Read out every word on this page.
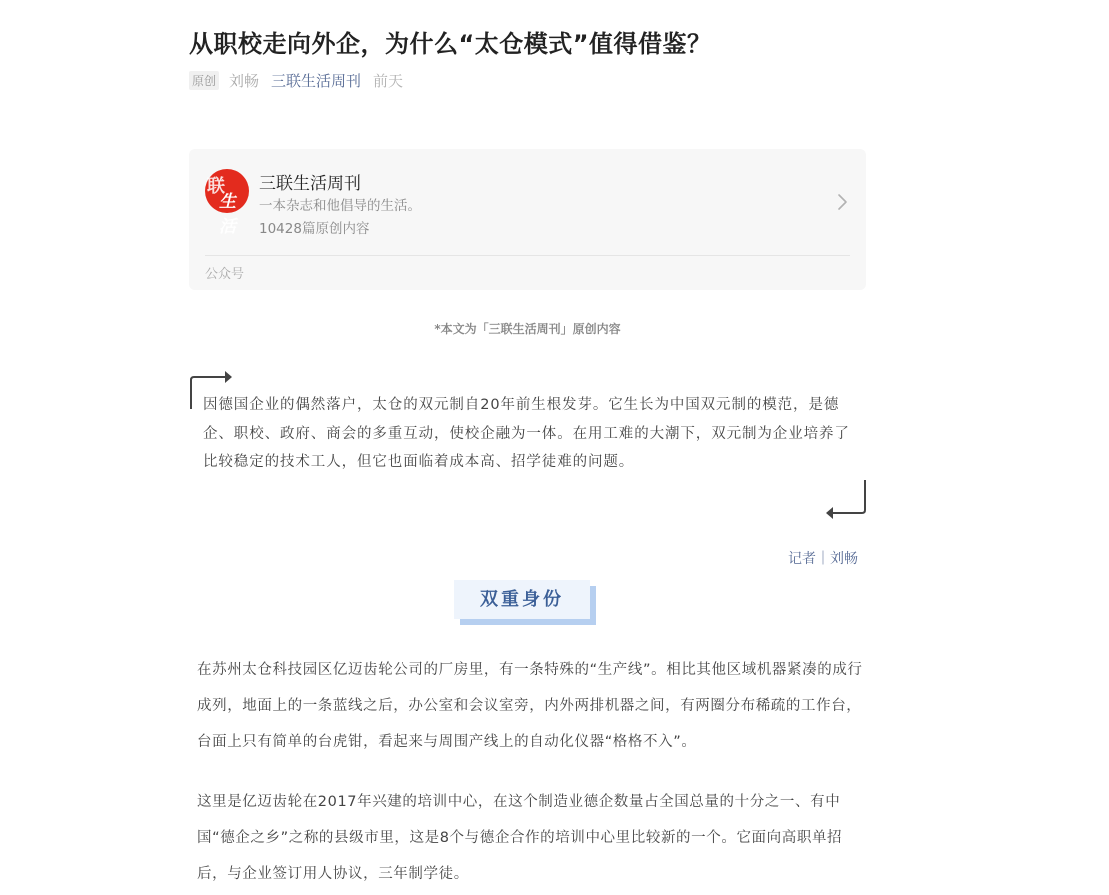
从职校走向外企，为什么“太仓模式”值得借鉴？
原创 刘畅 三联生活周刊 前天
联
生活
三联生活周刊
一本杂志和他倡导的生活。
10428篇原创内容
公众号
*本文为「三联生活周刊」原创内容

因德国企业的偶然落户，太仓的双元制自20年前生根发芽。它生长为中国双元制的模范，是德企、职校、政府、商会的多重互动，使校企融为一体。在用工难的大潮下，双元制为企业培养了比较稳定的技术工人，但它也面临着成本高、招学徒难的问题。

记者｜刘畅
双重身份

在苏州太仓科技园区亿迈齿轮公司的厂房里，有一条特殊的“生产线”。相比其他区域机器紧凑的成行成列，地面上的一条蓝线之后，办公室和会议室旁，内外两排机器之间，有两圈分布稀疏的工作台，台面上只有简单的台虎钳，看起来与周围产线上的自动化仪器“格格不入”。

这里是亿迈齿轮在2017年兴建的培训中心，在这个制造业德企数量占全国总量的十分之一、有中国“德企之乡”之称的县级市里，这是8个与德企合作的培训中心里比较新的一个。它面向高职单招后，与企业签订用人协议，三年制学徒。
